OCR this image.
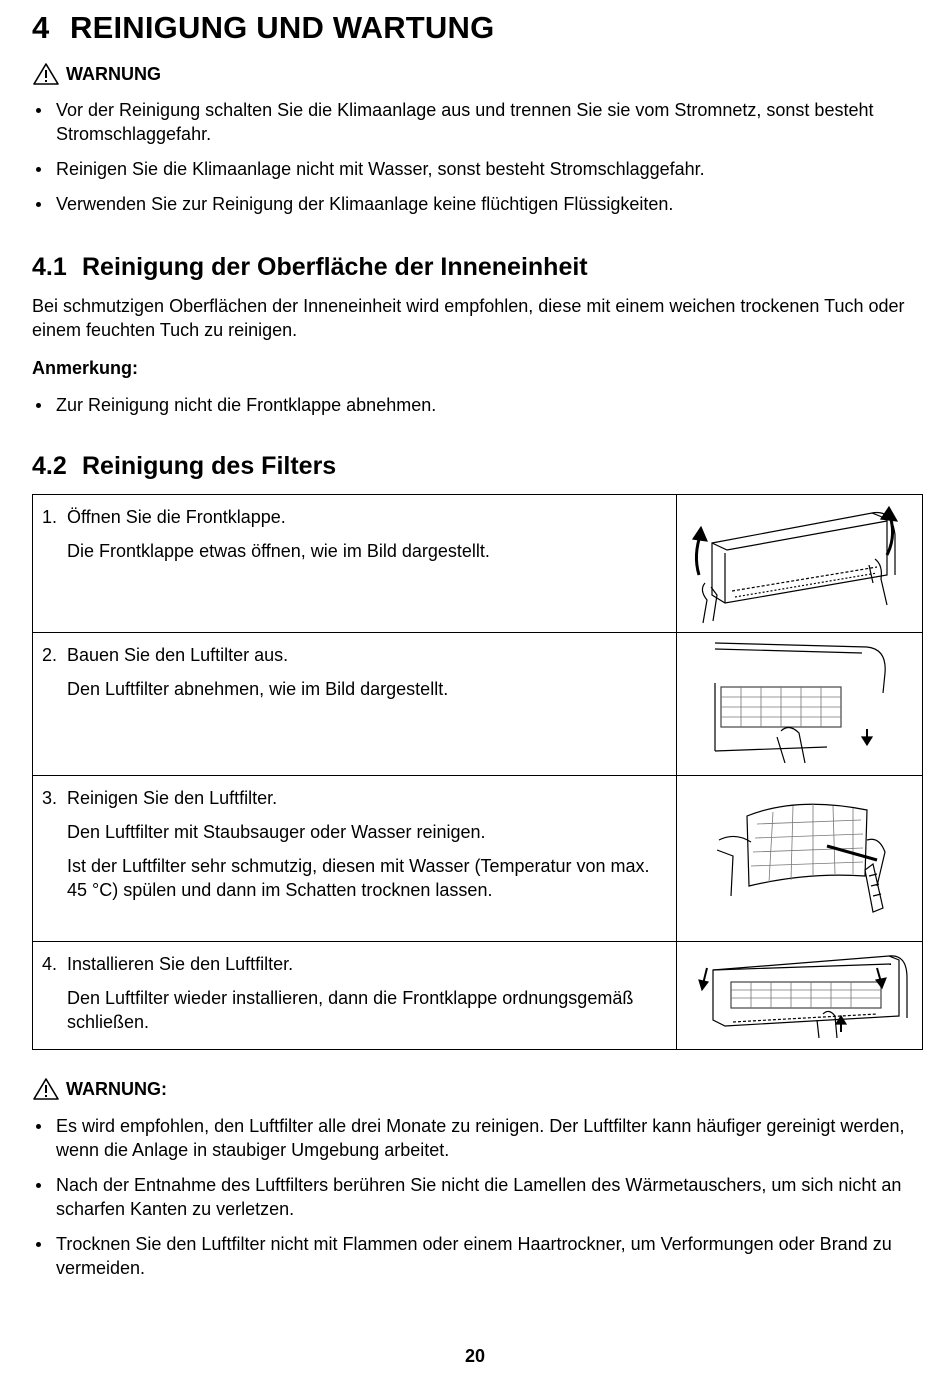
4 REINIGUNG UND WARTUNG
WARNUNG
Vor der Reinigung schalten Sie die Klimaanlage aus und trennen Sie sie vom Stromnetz, sonst besteht Stromschlaggefahr.
Reinigen Sie die Klimaanlage nicht mit Wasser, sonst besteht Stromschlaggefahr.
Verwenden Sie zur Reinigung der Klimaanlage keine flüchtigen Flüssigkeiten.
4.1 Reinigung der Oberfläche der Inneneinheit

Bei schmutzigen Oberflächen der Inneneinheit wird empfohlen, diese mit einem weichen trockenen Tuch oder einem feuchten Tuch zu reinigen.

Anmerkung:
Zur Reinigung nicht die Frontklappe abnehmen.
4.2 Reinigung des Filters
1. Öffnen Sie die Frontklappe.
Die Frontklappe etwas öffnen, wie im Bild dargestellt.

2. Bauen Sie den Luftilter aus.
Den Luftfilter abnehmen, wie im Bild dargestellt.

3. Reinigen Sie den Luftfilter.
Den Luftfilter mit Staubsauger oder Wasser reinigen.
Ist der Luftfilter sehr schmutzig, diesen mit Wasser (Temperatur von max. 45 °C) spülen und dann im Schatten trocknen lassen.

4. Installieren Sie den Luftfilter.
Den Luftfilter wieder installieren, dann die Frontklappe ordnungsgemäß schließen.

WARNUNG:
Es wird empfohlen, den Luftfilter alle drei Monate zu reinigen. Der Luftfilter kann häufiger gereinigt werden, wenn die Anlage in staubiger Umgebung arbeitet.
Nach der Entnahme des Luftfilters berühren Sie nicht die Lamellen des Wärmetauschers, um sich nicht an scharfen Kanten zu verletzen.
Trocknen Sie den Luftfilter nicht mit Flammen oder einem Haartrockner, um Verformungen oder Brand zu vermeiden.
20
